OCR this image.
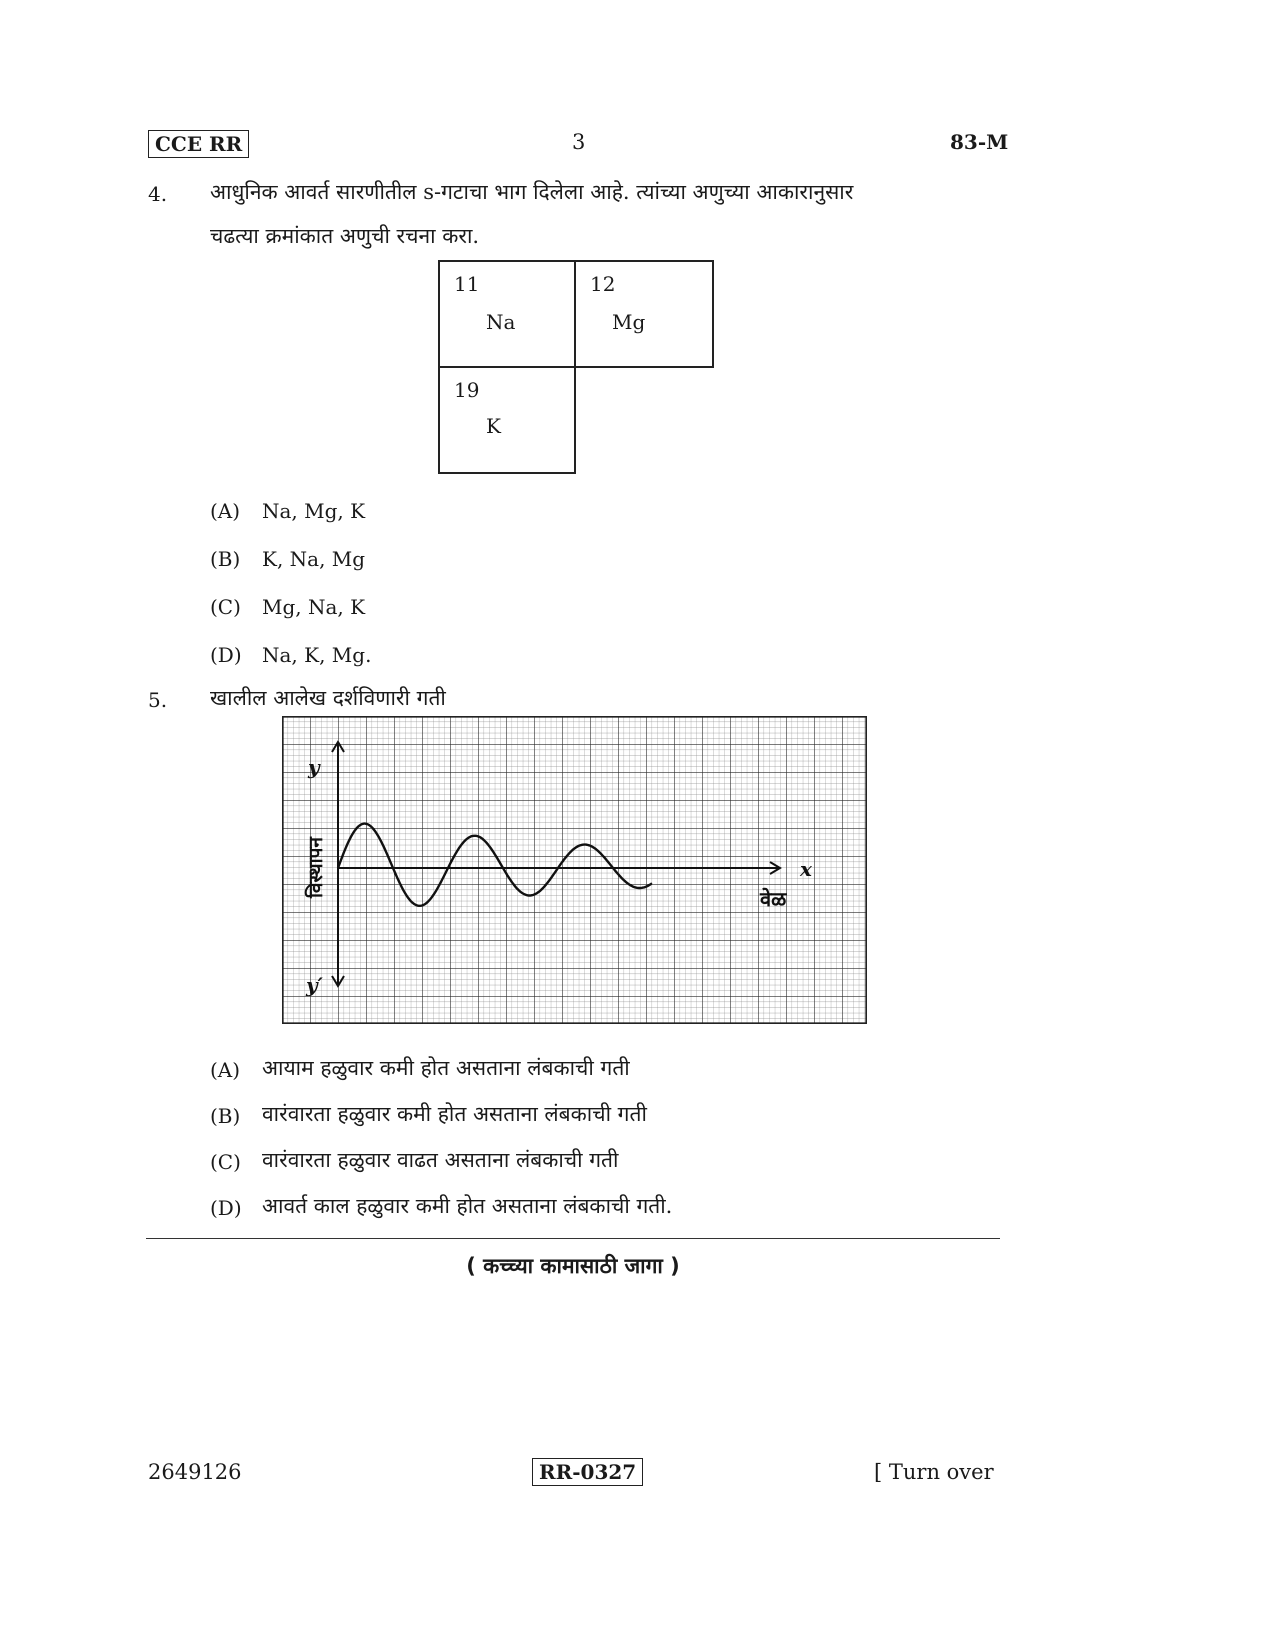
CCE RR	3	83-M
4. आधुनिक आवर्त सारणीतील s-गटाचा भाग दिलेला आहे. त्यांच्या अणुच्या आकारानुसार
चढत्या क्रमांकात अणुची रचना करा.
11
Na
12
Mg
19
K
(A) Na, Mg, K
(B) K, Na, Mg
(C) Mg, Na, K
(D) Na, K, Mg.
5. खालील आलेख दर्शविणारी गती
y
y′
x
वेळ
विस्थापन
(A) आयाम हळुवार कमी होत असताना लंबकाची गती
(B) वारंवारता हळुवार कमी होत असताना लंबकाची गती
(C) वारंवारता हळुवार वाढत असताना लंबकाची गती
(D) आवर्त काल हळुवार कमी होत असताना लंबकाची गती.
( कच्च्या कामासाठी जागा )
2649126	RR-0327	[ Turn over
